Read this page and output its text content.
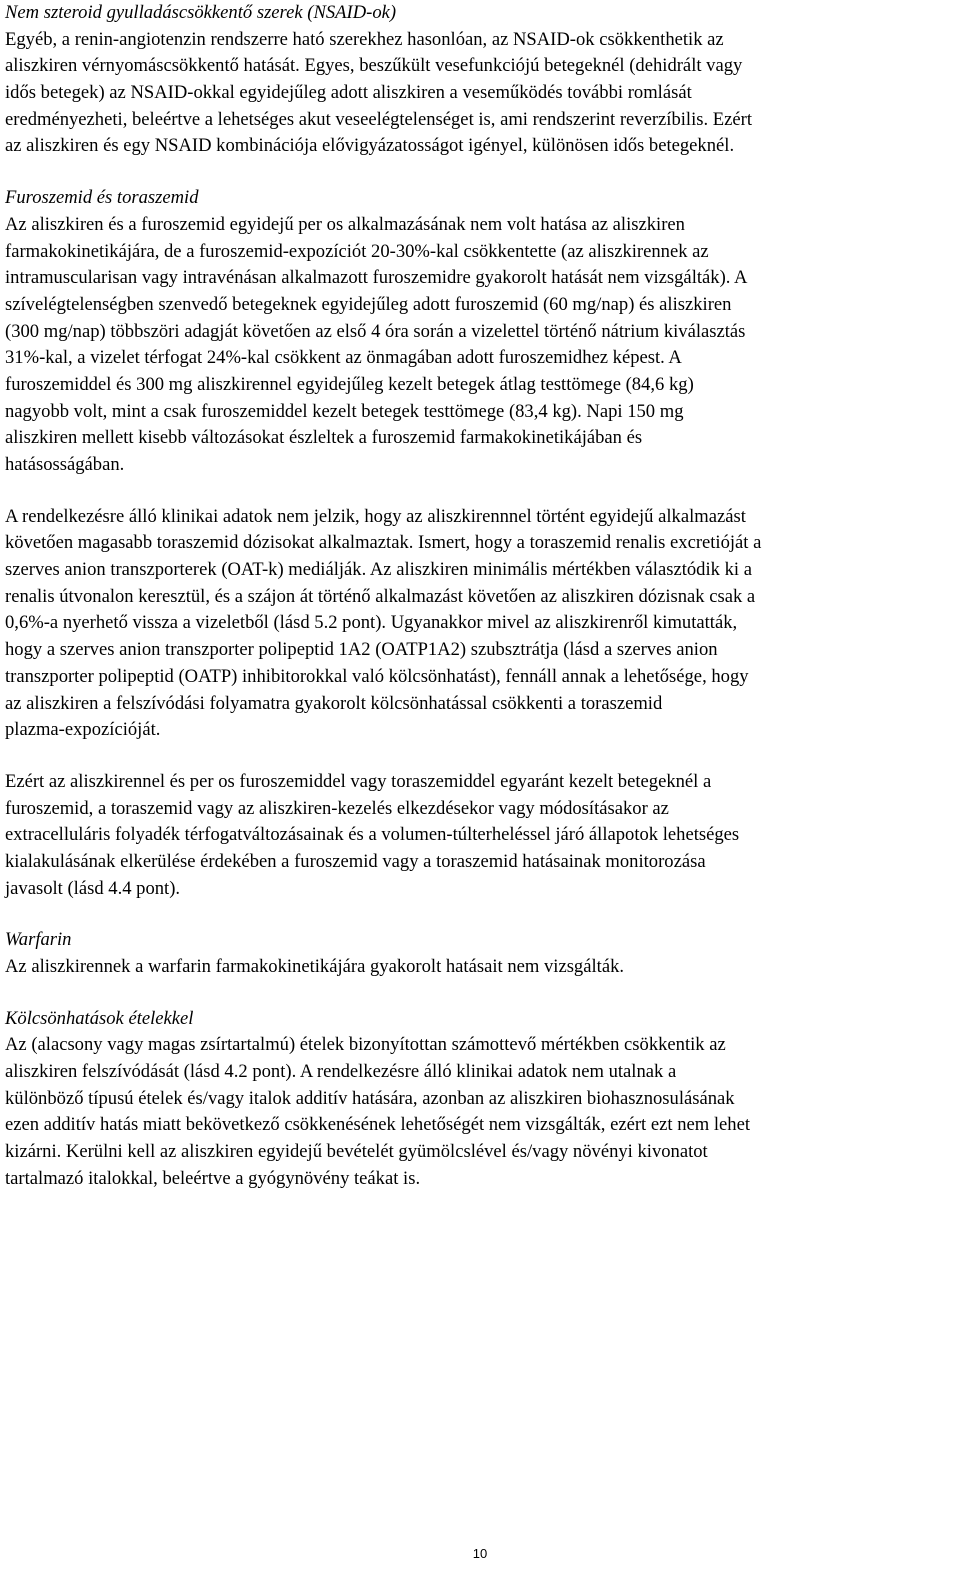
Nem szteroid gyulladáscsökkentő szerek (NSAID-ok)
Egyéb, a renin-angiotenzin rendszerre ható szerekhez hasonlóan, az NSAID-ok csökkenthetik az
aliszkiren vérnyomáscsökkentő hatását. Egyes, beszűkült vesefunkciójú betegeknél (dehidrált vagy
idős betegek) az NSAID-okkal egyidejűleg adott aliszkiren a veseműködés további romlását
eredményezheti, beleértve a lehetséges akut veseelégtelenséget is, ami rendszerint reverzíbilis. Ezért
az aliszkiren és egy NSAID kombinációja elővigyázatosságot igényel, különösen idős betegeknél.
Furoszemid és toraszemid
Az aliszkiren és a furoszemid egyidejű per os alkalmazásának nem volt hatása az aliszkiren
farmakokinetikájára, de a furoszemid-expozíciót 20-30%-kal csökkentette (az aliszkirennek az
intramuscularisan vagy intravénásan alkalmazott furoszemidre gyakorolt hatását nem vizsgálták). A
szívelégtelenségben szenvedő betegeknek egyidejűleg adott furoszemid (60 mg/nap) és aliszkiren
(300 mg/nap) többszöri adagját követően az első 4 óra során a vizelettel történő nátrium kiválasztás
31%-kal, a vizelet térfogat 24%-kal csökkent az önmagában adott furoszemidhez képest. A
furoszemiddel és 300 mg aliszkirennel egyidejűleg kezelt betegek átlag testtömege (84,6 kg)
nagyobb volt, mint a csak furoszemiddel kezelt betegek testtömege (83,4 kg). Napi 150 mg
aliszkiren mellett kisebb változásokat észleltek a furoszemid farmakokinetikájában és
hatásosságában.
A rendelkezésre álló klinikai adatok nem jelzik, hogy az aliszkirennnel történt egyidejű alkalmazást
követően magasabb toraszemid dózisokat alkalmaztak. Ismert, hogy a toraszemid renalis excretióját a
szerves anion transzporterek (OAT-k) mediálják. Az aliszkiren minimális mértékben választódik ki a
renalis útvonalon keresztül, és a szájon át történő alkalmazást követően az aliszkiren dózisnak csak a
0,6%-a nyerhető vissza a vizeletből (lásd 5.2 pont). Ugyanakkor mivel az aliszkirenről kimutatták,
hogy a szerves anion transzporter polipeptid 1A2 (OATP1A2) szubsztrátja (lásd a szerves anion
transzporter polipeptid (OATP) inhibitorokkal való kölcsönhatást), fennáll annak a lehetősége, hogy
az aliszkiren a felszívódási folyamatra gyakorolt kölcsönhatással csökkenti a toraszemid
plazma-expozícióját.
Ezért az aliszkirennel és per os furoszemiddel vagy toraszemiddel egyaránt kezelt betegeknél a
furoszemid, a toraszemid vagy az aliszkiren-kezelés elkezdésekor vagy módosításakor az
extracelluláris folyadék térfogatváltozásainak és a volumen-túlterheléssel járó állapotok lehetséges
kialakulásának elkerülése érdekében a furoszemid vagy a toraszemid hatásainak monitorozása
javasolt (lásd 4.4 pont).
Warfarin
Az aliszkirennek a warfarin farmakokinetikájára gyakorolt hatásait nem vizsgálták.
Kölcsönhatások ételekkel
Az (alacsony vagy magas zsírtartalmú) ételek bizonyítottan számottevő mértékben csökkentik az
aliszkiren felszívódását (lásd 4.2 pont). A rendelkezésre álló klinikai adatok nem utalnak a
különböző típusú ételek és/vagy italok additív hatására, azonban az aliszkiren biohasznosulásának
ezen additív hatás miatt bekövetkező csökkenésének lehetőségét nem vizsgálták, ezért ezt nem lehet
kizárni. Kerülni kell az aliszkiren egyidejű bevételét gyümölcslével és/vagy növényi kivonatot
tartalmazó italokkal, beleértve a gyógynövény teákat is.
10
